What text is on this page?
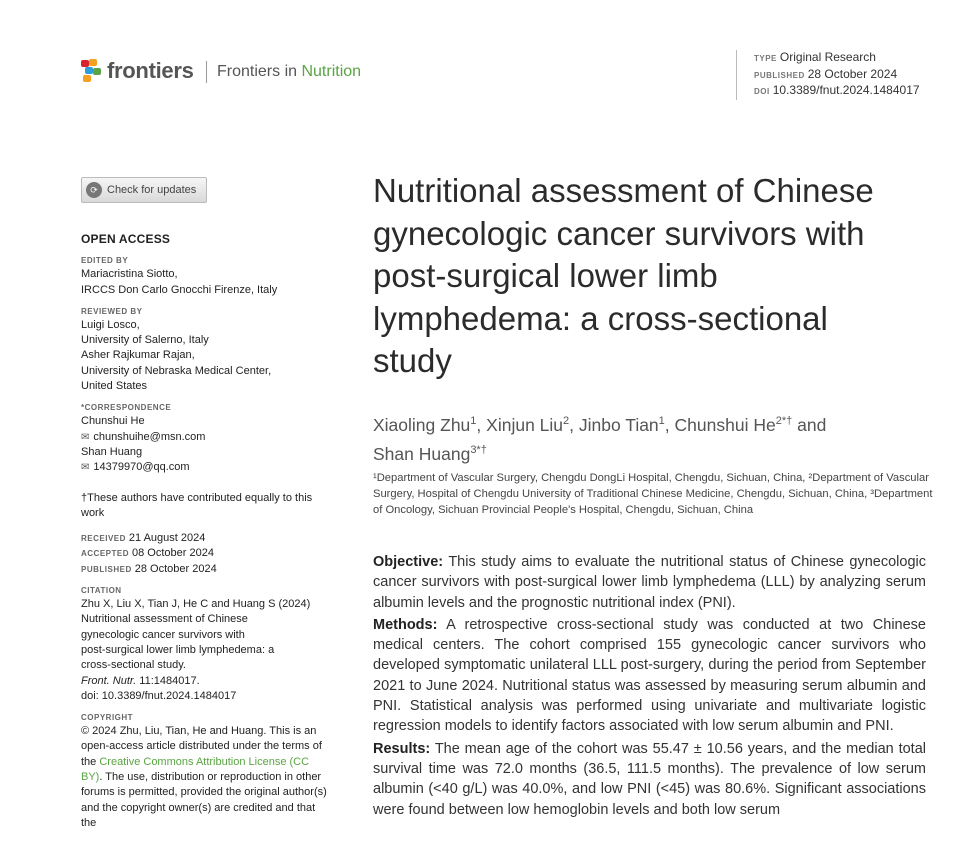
frontiers	Frontiers in Nutrition
TYPE Original Research
PUBLISHED 28 October 2024
DOI 10.3389/fnut.2024.1484017
⟳ Check for updates
OPEN ACCESS
EDITED BY
Mariacristina Siotto,
IRCCS Don Carlo Gnocchi Firenze, Italy
REVIEWED BY
Luigi Losco,
University of Salerno, Italy
Asher Rajkumar Rajan,
University of Nebraska Medical Center,
United States
*CORRESPONDENCE
Chunshui He
✉ chunshuihe@msn.com
Shan Huang
✉ 14379970@qq.com
†These authors have contributed equally to this work
RECEIVED 21 August 2024
ACCEPTED 08 October 2024
PUBLISHED 28 October 2024
CITATION
Zhu X, Liu X, Tian J, He C and Huang S (2024)
Nutritional assessment of Chinese
gynecologic cancer survivors with
post-surgical lower limb lymphedema: a
cross-sectional study.
Front. Nutr. 11:1484017.
doi: 10.3389/fnut.2024.1484017
COPYRIGHT
© 2024 Zhu, Liu, Tian, He and Huang. This is an open-access article distributed under the terms of the Creative Commons Attribution License (CC BY). The use, distribution or reproduction in other forums is permitted, provided the original author(s) and the copyright owner(s) are credited and that the
Nutritional assessment of Chinese gynecologic cancer survivors with post-surgical lower limb lymphedema: a cross-sectional study
Xiaoling Zhu$^1$, Xinjun Liu$^2$, Jinbo Tian$^1$, Chunshui $He^{2*\dagger}$ and
Shan Huang$^{3*\dagger}$
¹Department of Vascular Surgery, Chengdu DongLi Hospital, Chengdu, Sichuan, China, ²Department of Vascular Surgery, Hospital of Chengdu University of Traditional Chinese Medicine, Chengdu, Sichuan, China, ³Department of Oncology, Sichuan Provincial People's Hospital, Chengdu, Sichuan, China

Objective: This study aims to evaluate the nutritional status of Chinese gynecologic cancer survivors with post-surgical lower limb lymphedema (LLL) by analyzing serum albumin levels and the prognostic nutritional index (PNI).

Methods: A retrospective cross-sectional study was conducted at two Chinese medical centers. The cohort comprised 155 gynecologic cancer survivors who developed symptomatic unilateral LLL post-surgery, during the period from September 2021 to June 2024. Nutritional status was assessed by measuring serum albumin and PNI. Statistical analysis was performed using univariate and multivariate logistic regression models to identify factors associated with low serum albumin and PNI.

Results: The mean age of the cohort was 55.47 ± 10.56 years, and the median total survival time was 72.0 months (36.5, 111.5 months). The prevalence of low serum albumin (<40 g/L) was 40.0%, and low PNI (<45) was 80.6%. Significant associations were found between low hemoglobin levels and both low serum
